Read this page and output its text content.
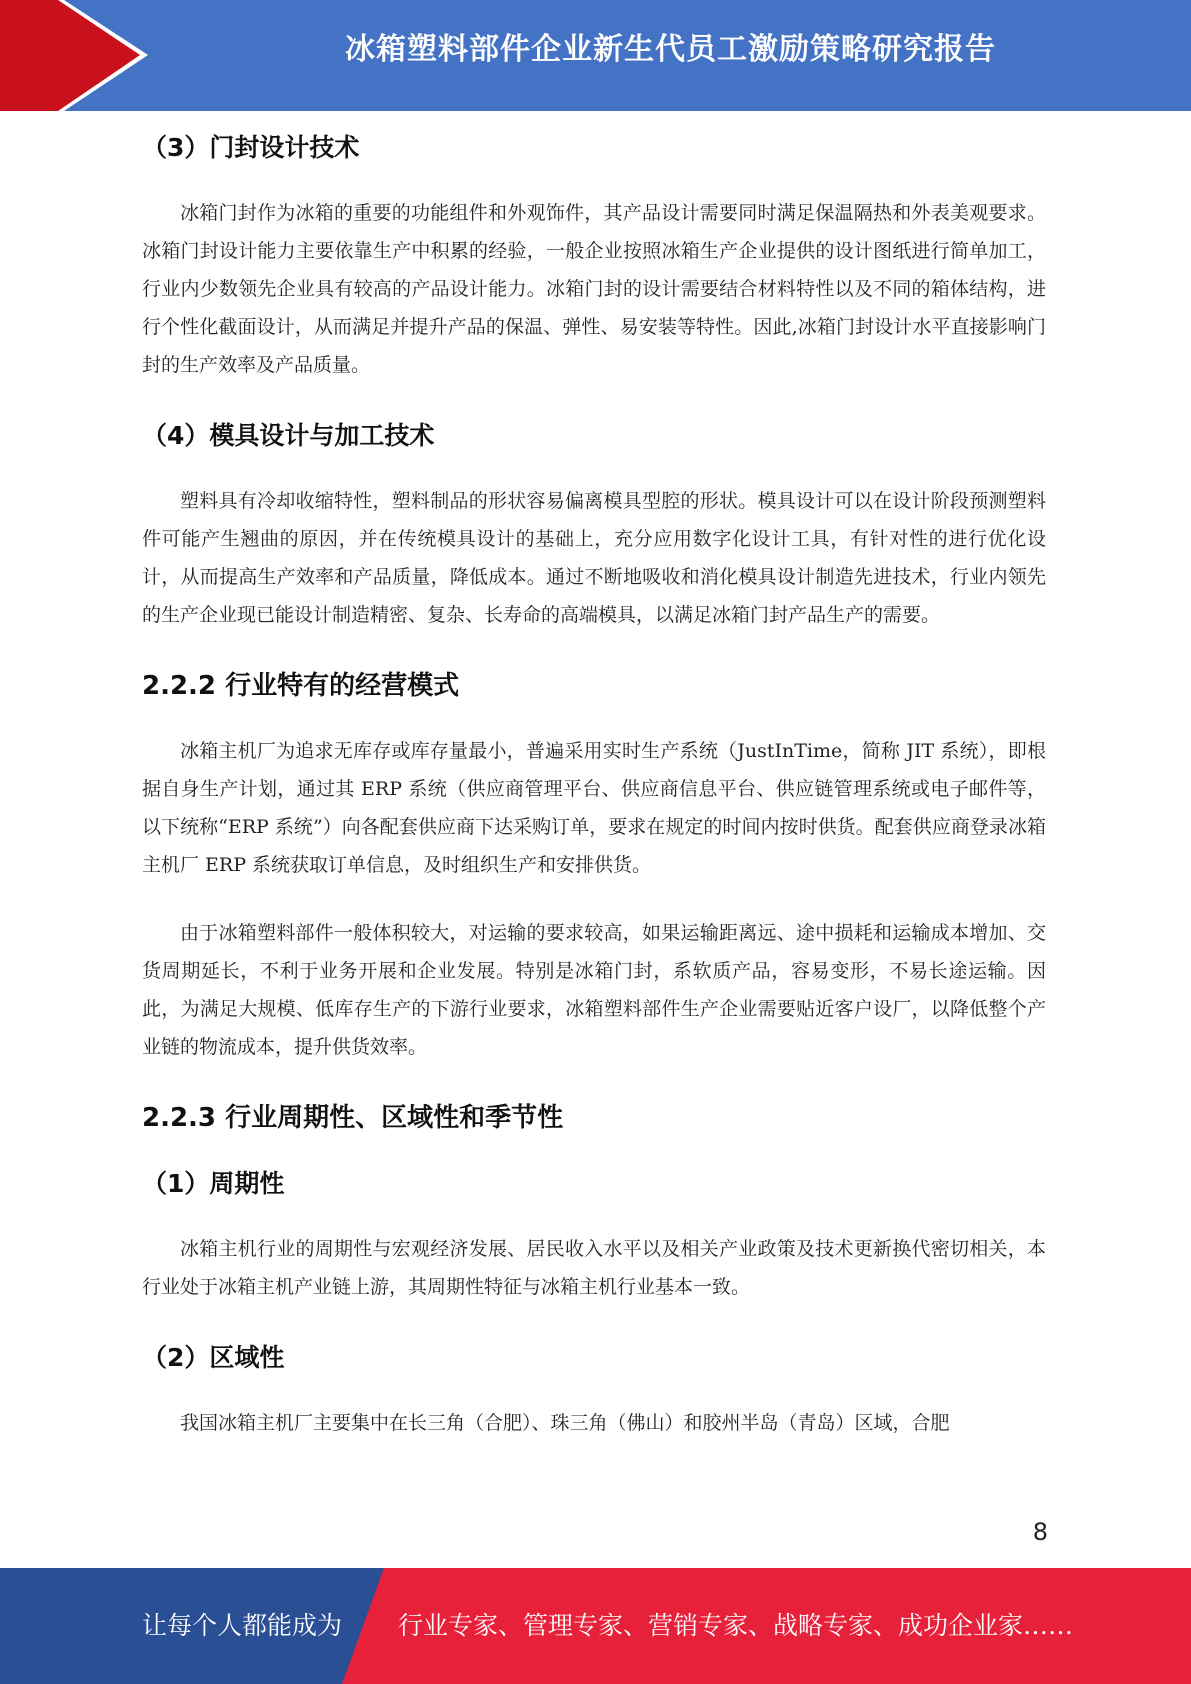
冰箱塑料部件企业新生代员工激励策略研究报告
（3）门封设计技术

冰箱门封作为冰箱的重要的功能组件和外观饰件，其产品设计需要同时满足保温隔热和外表美观要求。冰箱门封设计能力主要依靠生产中积累的经验，一般企业按照冰箱生产企业提供的设计图纸进行简单加工，行业内少数领先企业具有较高的产品设计能力。冰箱门封的设计需要结合材料特性以及不同的箱体结构，进行个性化截面设计，从而满足并提升产品的保温、弹性、易安装等特性。因此,冰箱门封设计水平直接影响门封的生产效率及产品质量。

（4）模具设计与加工技术

塑料具有冷却收缩特性，塑料制品的形状容易偏离模具型腔的形状。模具设计可以在设计阶段预测塑料件可能产生翘曲的原因，并在传统模具设计的基础上，充分应用数字化设计工具，有针对性的进行优化设计，从而提高生产效率和产品质量，降低成本。通过不断地吸收和消化模具设计制造先进技术，行业内领先的生产企业现已能设计制造精密、复杂、长寿命的高端模具，以满足冰箱门封产品生产的需要。

2.2.2 行业特有的经营模式

冰箱主机厂为追求无库存或库存量最小，普遍采用实时生产系统（JustInTime，简称 JIT 系统），即根据自身生产计划，通过其 ERP 系统（供应商管理平台、供应商信息平台、供应链管理系统或电子邮件等，以下统称“ERP 系统”）向各配套供应商下达采购订单，要求在规定的时间内按时供货。配套供应商登录冰箱主机厂 ERP 系统获取订单信息，及时组织生产和安排供货。

由于冰箱塑料部件一般体积较大，对运输的要求较高，如果运输距离远、途中损耗和运输成本增加、交货周期延长，不利于业务开展和企业发展。特别是冰箱门封，系软质产品，容易变形，不易长途运输。因此，为满足大规模、低库存生产的下游行业要求，冰箱塑料部件生产企业需要贴近客户设厂，以降低整个产业链的物流成本，提升供货效率。

2.2.3 行业周期性、区域性和季节性
（1）周期性

冰箱主机行业的周期性与宏观经济发展、居民收入水平以及相关产业政策及技术更新换代密切相关，本行业处于冰箱主机产业链上游，其周期性特征与冰箱主机行业基本一致。

（2）区域性

我国冰箱主机厂主要集中在长三角（合肥）、珠三角（佛山）和胶州半岛（青岛）区域，合肥

8
让每个人都能成为 行业专家、管理专家、营销专家、战略专家、成功企业家……
